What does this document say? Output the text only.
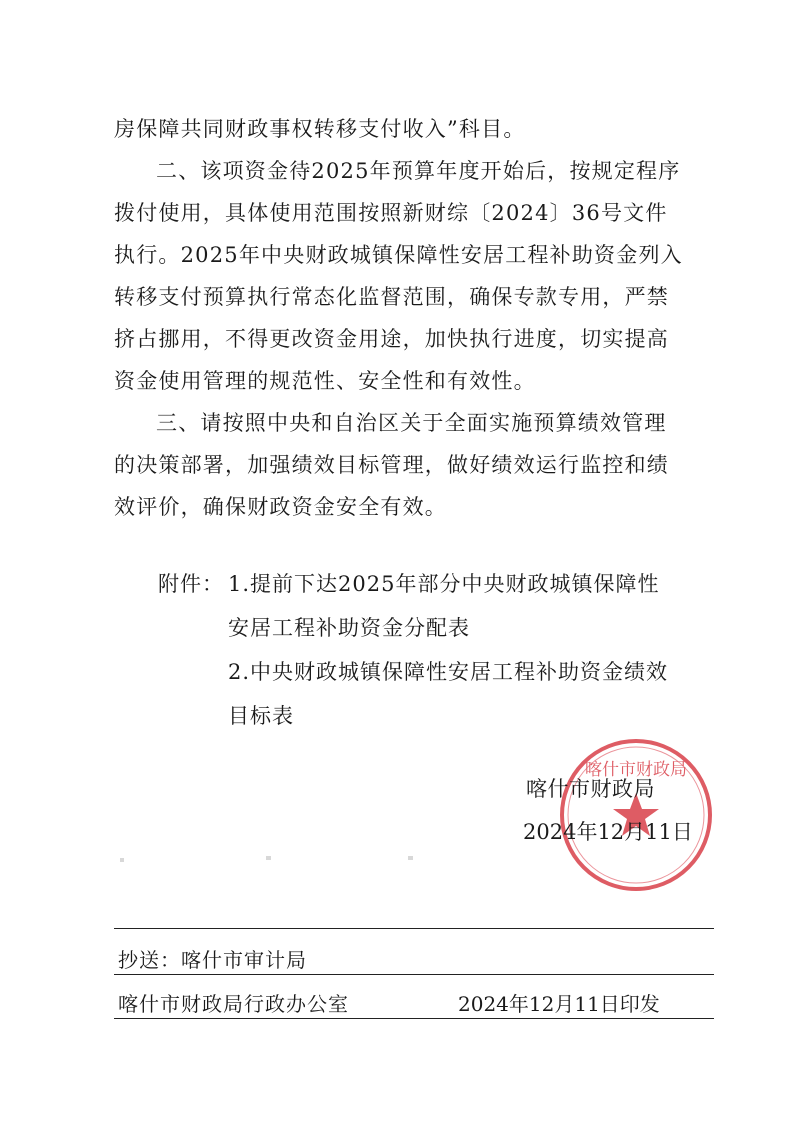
房保障共同财政事权转移支付收入”科目。

二、该项资金待2025年预算年度开始后，按规定程序拨付使用，具体使用范围按照新财综〔2024〕36号文件执行。2025年中央财政城镇保障性安居工程补助资金列入转移支付预算执行常态化监督范围，确保专款专用，严禁挤占挪用，不得更改资金用途，加快执行进度，切实提高资金使用管理的规范性、安全性和有效性。

三、请按照中央和自治区关于全面实施预算绩效管理的决策部署，加强绩效目标管理，做好绩效运行监控和绩效评价，确保财政资金安全有效。

附件： 1.提前下达2025年部分中央财政城镇保障性安居工程补助资金分配表

2.中央财政城镇保障性安居工程补助资金绩效目标表

喀什市财政局
喀什市财政局
2024年12月11日
抄送：喀什市审计局
喀什市财政局行政办公室	2024年12月11日印发
